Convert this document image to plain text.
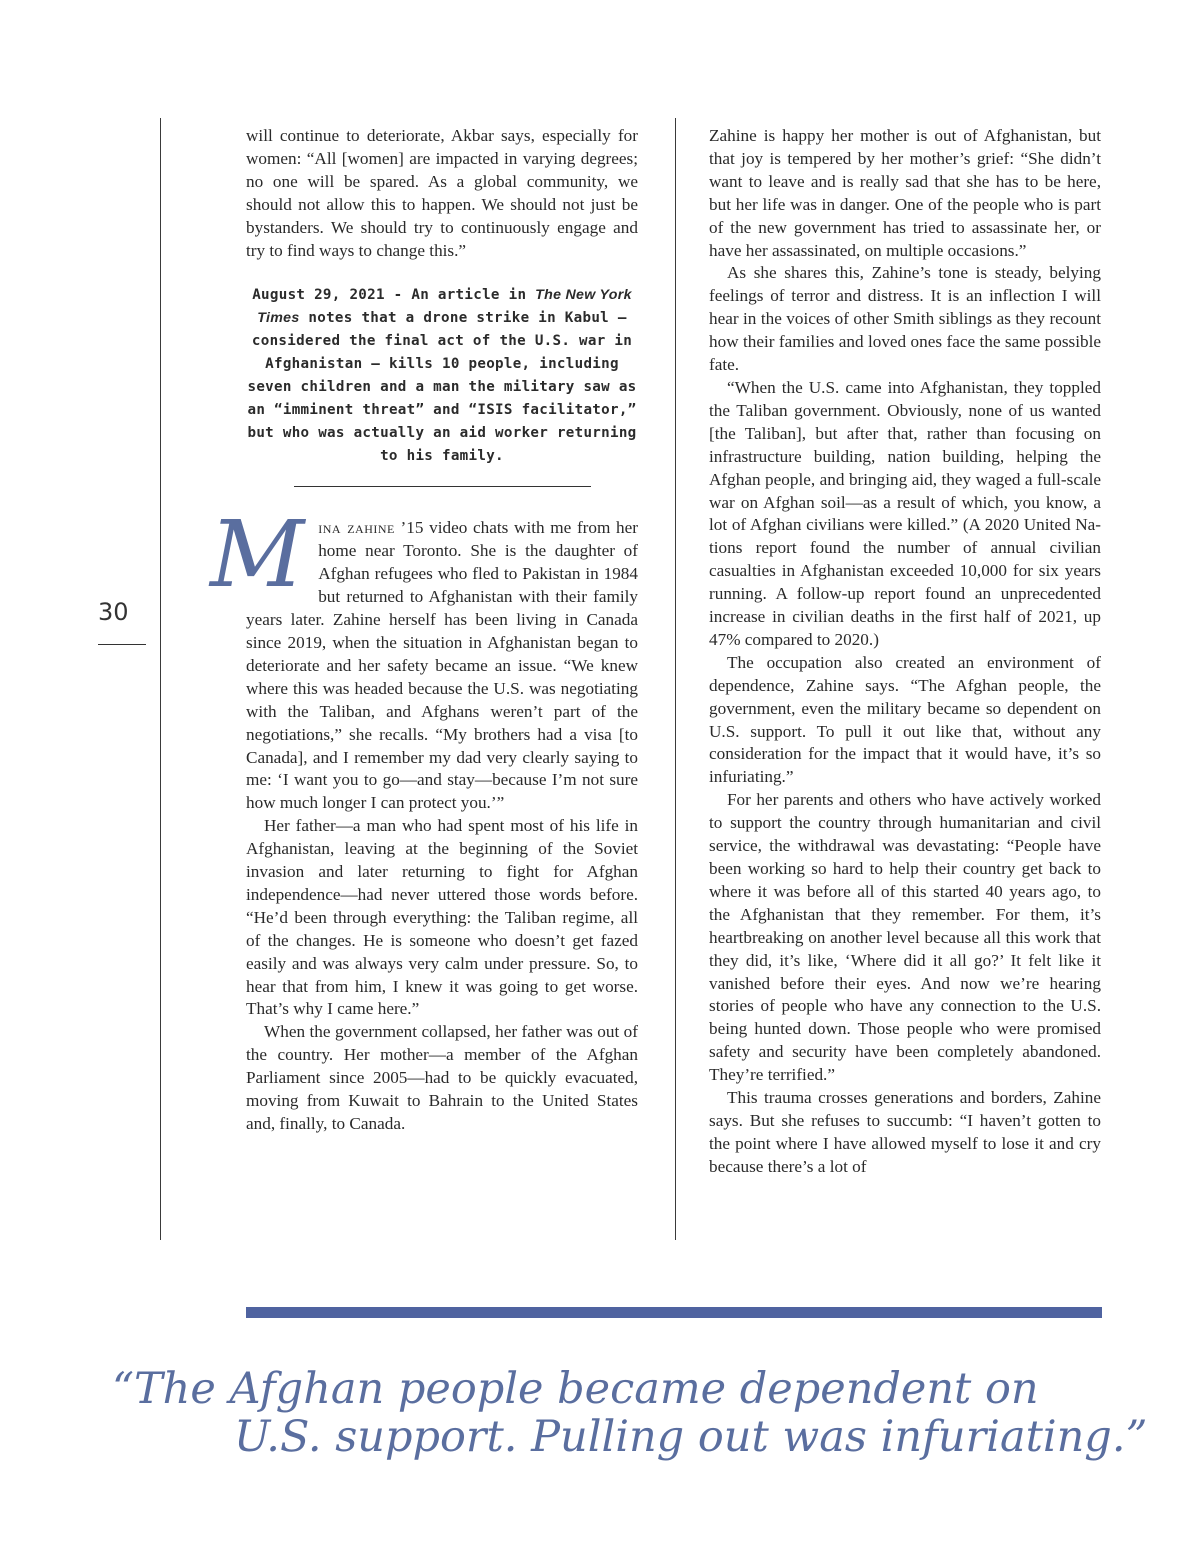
30

will continue to deteriorate, Akbar says, especially for women: “All [women] are impacted in varying degrees; no one will be spared. As a global community, we should not allow this to happen. We should not just be bystanders. We should try to continuously engage and try to find ways to change this.”

August 29, 2021 - An article in The New York Times notes that a drone strike in Kabul – considered the final act of the U.S. war in Afghanistan – kills 10 people, including seven children and a man the military saw as an “imminent threat” and “ISIS facilitator,” but who was actually an aid worker returning to his family.

Mina zahine ’15 video chats with me from her home near Toronto. She is the daughter of Afghan refugees who fled to Pakistan in 1984 but returned to Afghanistan with their family years later. Zahine herself has been living in Canada since 2019, when the situation in Afghanistan began to deteriorate and her safety became an issue. “We knew where this was headed because the U.S. was negotiating with the Taliban, and Afghans weren’t part of the negotiations,” she recalls. “My brothers had a visa [to Canada], and I remember my dad very clearly saying to me: ‘I want you to go—and stay—because I’m not sure how much longer I can protect you.’”

Her father—a man who had spent most of his life in Afghanistan, leaving at the beginning of the Soviet invasion and later returning to fight for Afghan independence—had never uttered those words before. “He’d been through everything: the Taliban regime, all of the changes. He is someone who doesn’t get fazed easily and was always very calm under pressure. So, to hear that from him, I knew it was going to get worse. That’s why I came here.”

When the government collapsed, her father was out of the country. Her mother—a member of the Afghan Parliament since 2005—had to be quickly evacuated, moving from Kuwait to Bahrain to the United States and, finally, to Canada.

Zahine is happy her mother is out of Afghanistan, but that joy is tempered by her mother’s grief: “She didn’t want to leave and is really sad that she has to be here, but her life was in danger. One of the people who is part of the new government has tried to assassinate her, or have her assassinated, on multiple occasions.”

As she shares this, Zahine’s tone is steady, belying feelings of terror and distress. It is an inflection I will hear in the voices of other Smith siblings as they recount how their families and loved ones face the same possible fate.

“When the U.S. came into Afghanistan, they toppled the Taliban government. Obviously, none of us wanted [the Taliban], but after that, rather than focusing on infrastructure building, nation building, helping the Afghan people, and bringing aid, they waged a full-scale war on Afghan soil—as a result of which, you know, a lot of Afghan civilians were killed.” (A 2020 United Nations report found the number of annual civilian casualties in Afghanistan exceeded 10,000 for six years running. A follow-up report found an unprecedented increase in civilian deaths in the first half of 2021, up 47% compared to 2020.)

The occupation also created an environment of dependence, Zahine says. “The Afghan people, the government, even the military became so dependent on U.S. support. To pull it out like that, without any consideration for the impact that it would have, it’s so infuriating.”

For her parents and others who have actively worked to support the country through humanitarian and civil service, the withdrawal was devastating: “People have been working so hard to help their country get back to where it was before all of this started 40 years ago, to the Afghanistan that they remember. For them, it’s heartbreaking on another level because all this work that they did, it’s like, ‘Where did it all go?’ It felt like it vanished before their eyes. And now we’re hearing stories of people who have any connection to the U.S. being hunted down. Those people who were promised safety and security have been completely abandoned. They’re terrified.”

This trauma crosses generations and borders, Zahine says. But she refuses to succumb: “I haven’t gotten to the point where I have allowed myself to lose it and cry because there’s a lot of

“The Afghan people became dependent on
U.S. support. Pulling out was infuriating.”
